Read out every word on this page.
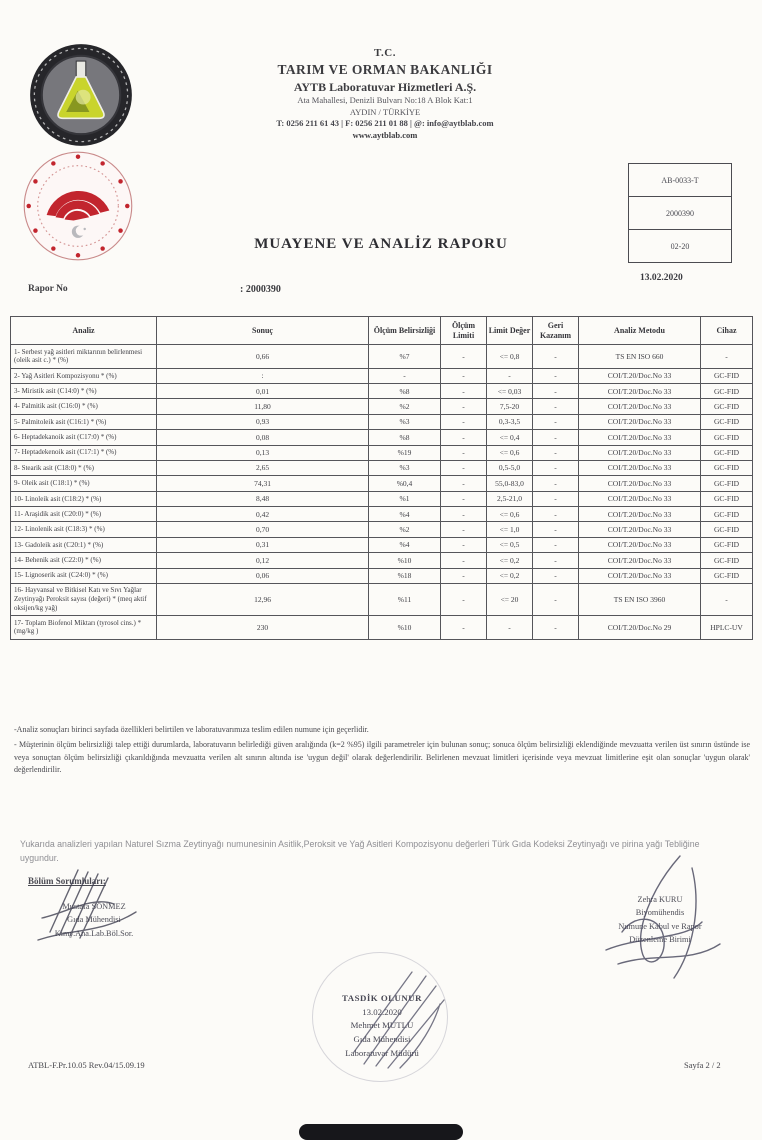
T.C.
TARIM VE ORMAN BAKANLIĞI
AYTB Laboratuvar Hizmetleri A.Ş.
Ata Mahallesi, Denizli Bulvarı No:18 A Blok Kat:1
AYDIN / TÜRKİYE
T: 0256 211 61 43 | F: 0256 211 01 88 | @: info@aytblab.com
www.aytblab.com
AB-0033-T
2000390
02-20
13.02.2020
MUAYENE VE ANALİZ RAPORU
Rapor No	: 2000390
Analiz	Sonuç	Ölçüm Belirsizliği	Ölçüm Limiti	Limit Değer	Geri Kazanım	Analiz Metodu	Cihaz
1- Serbest yağ asitleri miktarının belirlenmesi (oleik asit c.) * (%)	0,66	%7	-	<= 0,8	-	TS EN ISO 660	-
2- Yağ Asitleri Kompozisyonu * (%)	:	-	-	-	-	COI/T.20/Doc.No 33	GC-FID
3- Miristik asit (C14:0) * (%)	0,01	%8	-	<= 0,03	-	COI/T.20/Doc.No 33	GC-FID
4- Palmitik asit (C16:0) * (%)	11,80	%2	-	7,5-20	-	COI/T.20/Doc.No 33	GC-FID
5- Palmitoleik asit (C16:1) * (%)	0,93	%3	-	0,3-3,5	-	COI/T.20/Doc.No 33	GC-FID
6- Heptadekanoik asit (C17:0) * (%)	0,08	%8	-	<= 0,4	-	COI/T.20/Doc.No 33	GC-FID
7- Heptadekenoik asit (C17:1) * (%)	0,13	%19	-	<= 0,6	-	COI/T.20/Doc.No 33	GC-FID
8- Stearik asit (C18:0) * (%)	2,65	%3	-	0,5-5,0	-	COI/T.20/Doc.No 33	GC-FID
9- Oleik asit (C18:1) * (%)	74,31	%0,4	-	55,0-83,0	-	COI/T.20/Doc.No 33	GC-FID
10- Linoleik asit (C18:2) * (%)	8,48	%1	-	2,5-21,0	-	COI/T.20/Doc.No 33	GC-FID
11- Araşidik asit (C20:0) * (%)	0,42	%4	-	<= 0,6	-	COI/T.20/Doc.No 33	GC-FID
12- Linolenik asit (C18:3) * (%)	0,70	%2	-	<= 1,0	-	COI/T.20/Doc.No 33	GC-FID
13- Gadoleik asit (C20:1) * (%)	0,31	%4	-	<= 0,5	-	COI/T.20/Doc.No 33	GC-FID
14- Behenik asit (C22:0) * (%)	0,12	%10	-	<= 0,2	-	COI/T.20/Doc.No 33	GC-FID
15- Lignoserik asit (C24:0) * (%)	0,06	%18	-	<= 0,2	-	COI/T.20/Doc.No 33	GC-FID
16- Hayvansal ve Bitkisel Katı ve Sıvı Yağlar Zeytinyağı Peroksit sayısı (değeri) * (meq aktif oksijen/kg yağ)	12,96	%11	-	<= 20	-	TS EN ISO 3960	-
17- Toplam Biofenol Miktarı (tyrosol cins.) * (mg/kg )	230	%10	-	-	-	COI/T.20/Doc.No 29	HPLC-UV

-Analiz sonuçları birinci sayfada özellikleri belirtilen ve laboratuvarımıza teslim edilen numune için geçerlidir.

- Müşterinin ölçüm belirsizliği talep ettiği durumlarda, laboratuvarın belirlediği güven aralığında (k=2 %95) ilgili parametreler için bulunan sonuç; sonuca ölçüm belirsizliği eklendiğinde mevzuatta verilen üst sınırın üstünde ise veya sonuçtan ölçüm belirsizliği çıkarıldığında mevzuatta verilen alt sınırın altında ise 'uygun değil' olarak değerlendirilir. Belirlenen mevzuat limitleri içerisinde veya mevzuat limitlerine eşit olan sonuçlar 'uygun olarak' değerlendirilir.

Yukarıda analizleri yapılan Naturel Sızma Zeytinyağı numunesinin Asitlik,Peroksit ve Yağ Asitleri Kompozisyonu değerleri Türk Gıda Kodeksi Zeytinyağı ve pirina yağı Tebliğine uygundur.
Bölüm Sorumluları:
Mustafa SÖNMEZ
Gıda Mühendisi
Kimy.Ana.Lab.Böl.Sor.
Zehra KURU
Biyomühendis
Numune Kabul ve Rapor
Düzenleme Birimi
TASDİK OLUNUR
13.02.2020
Mehmet MUTLU
Gıda Mühendisi
Laboratuvar Müdürü
ATBL-F.Pr.10.05 Rev.04/15.09.19	Sayfa 2 / 2
